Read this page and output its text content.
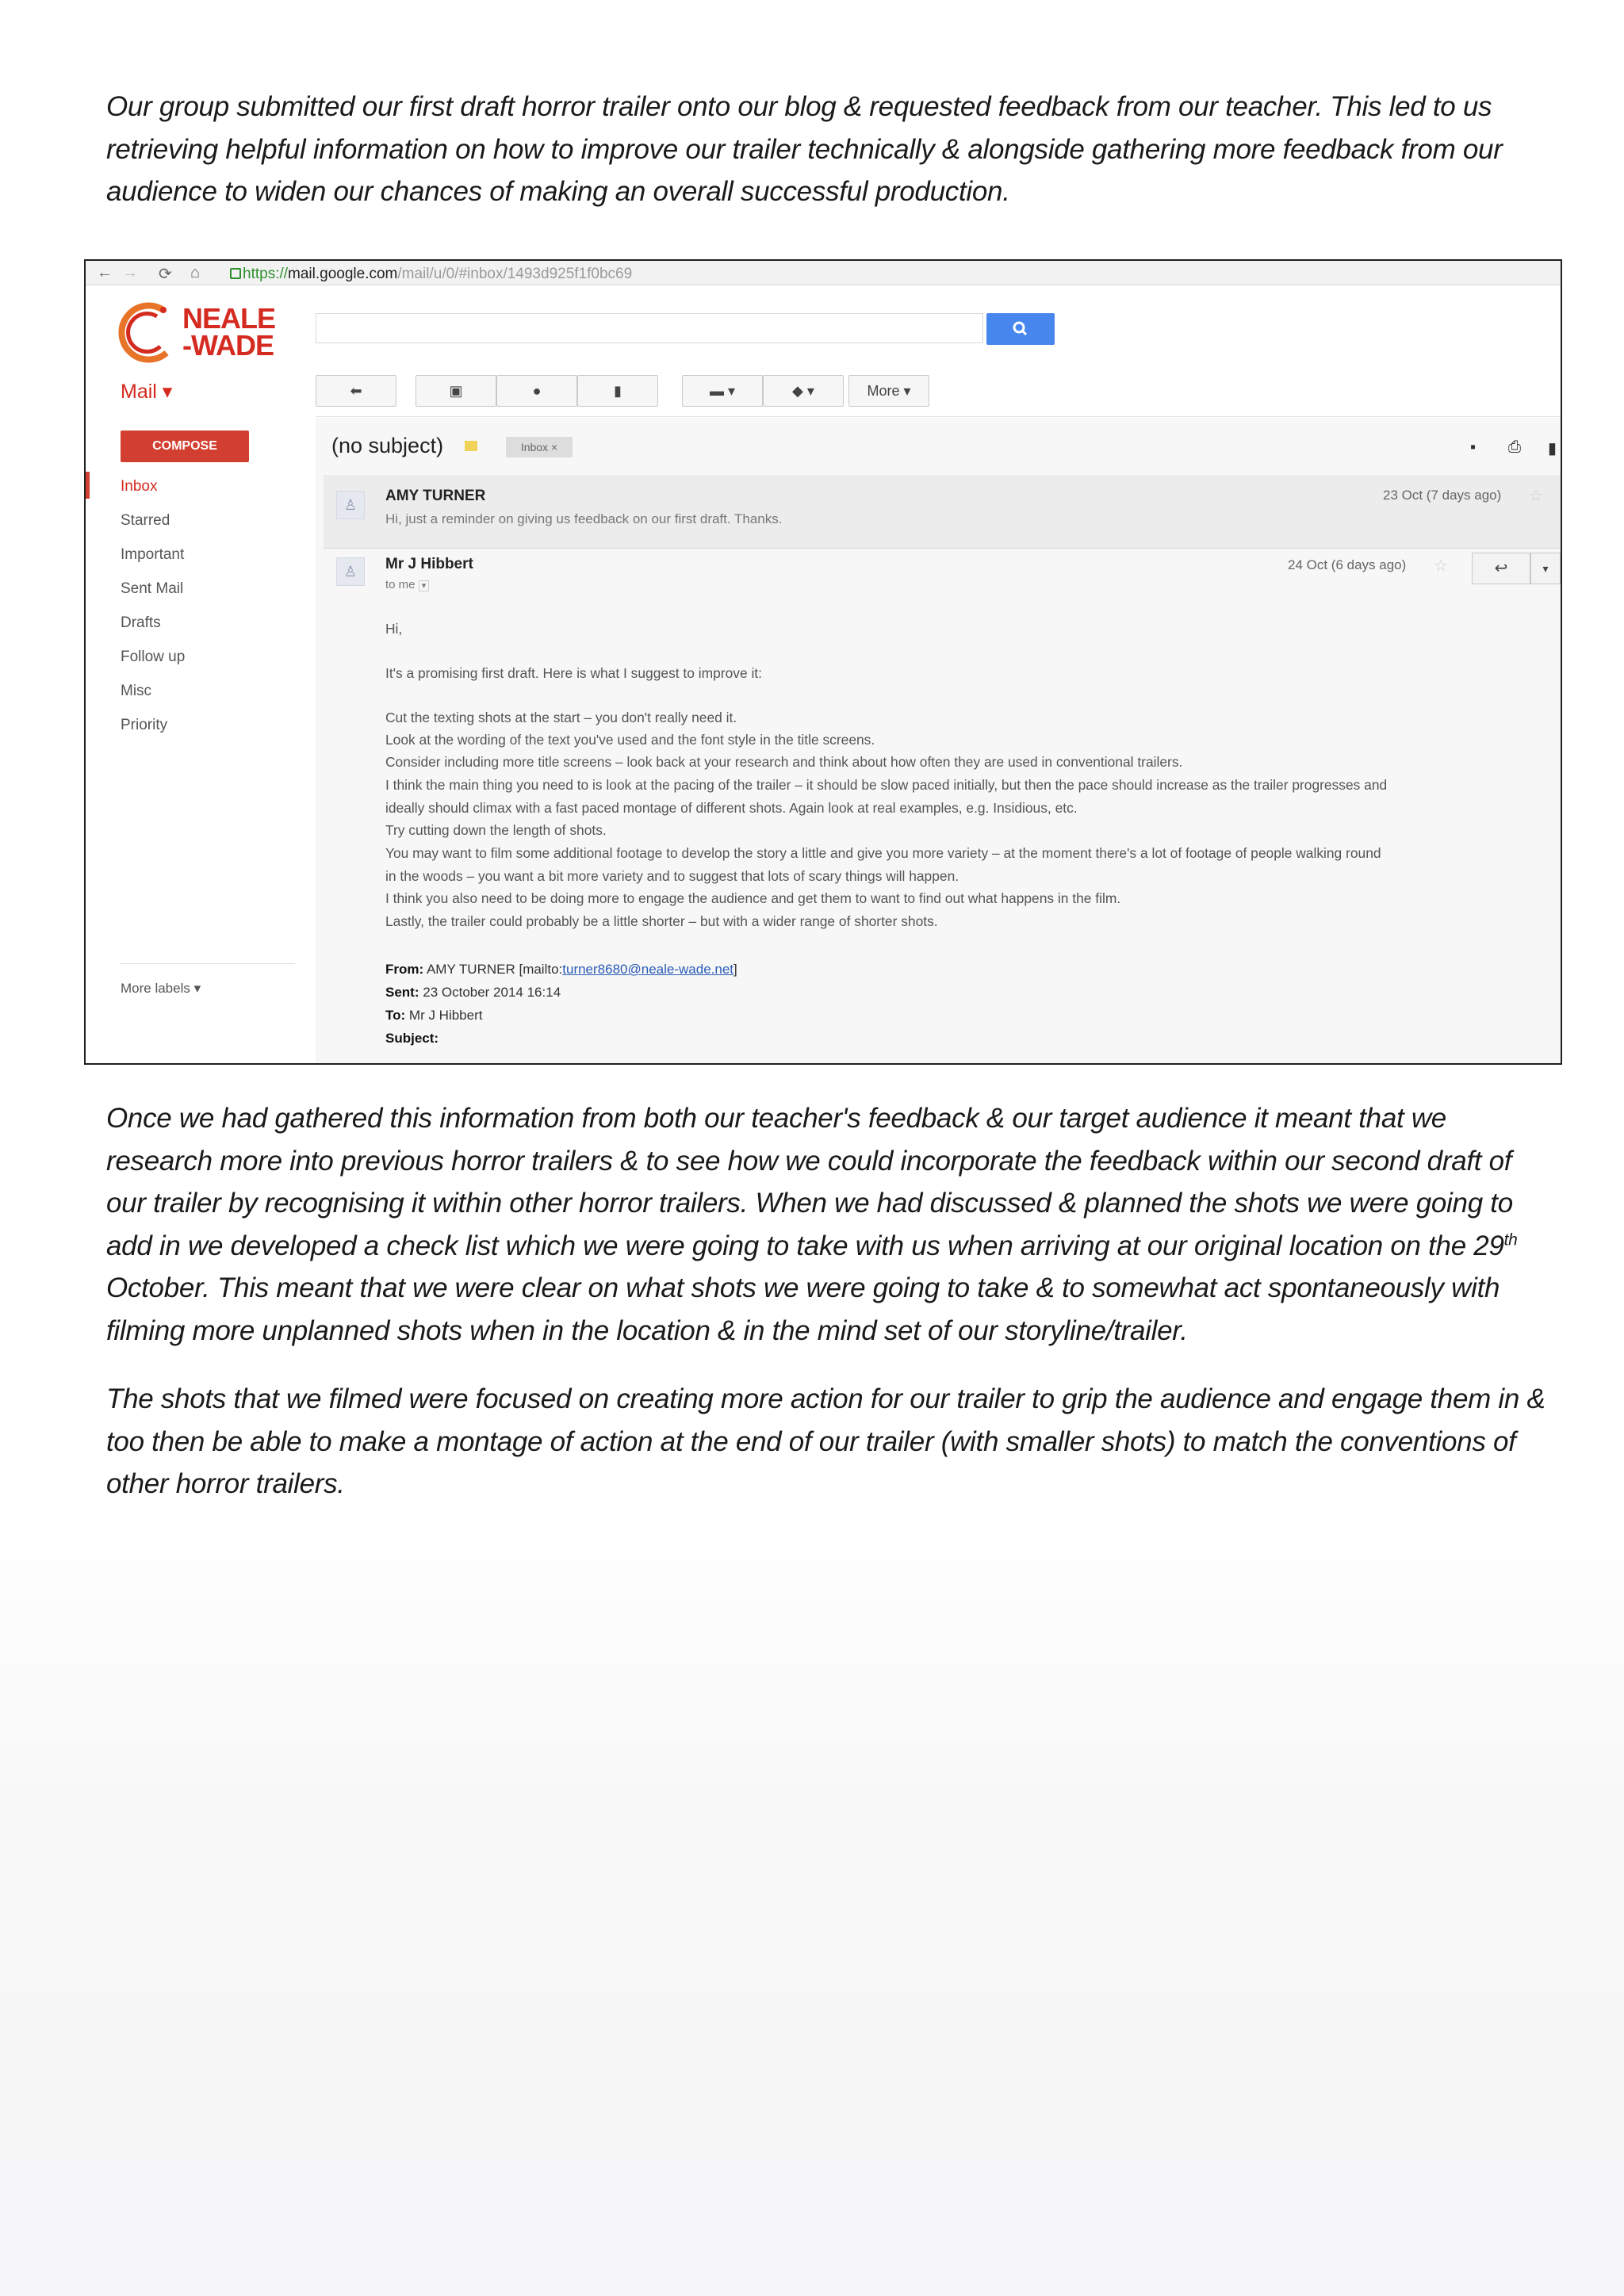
Our group submitted our first draft horror trailer onto our blog & requested feedback from our teacher. This led to us retrieving helpful information on how to improve our trailer technically & alongside gathering more feedback from our audience to widen our chances of making an overall successful production.

← → ⟳ ⌂	https://mail.google.com/mail/u/0/#inbox/1493d925f1f0bc69
NEALE
-WADE
Mail ▾	⬅	▣	●	▮	▬ ▾	◆ ▾	More ▾
COMPOSE
Inbox
Starred
Important
Sent Mail
Drafts
Follow up
Misc
Priority
More labels ▾
(no subject)	Inbox ×	▪ ⎙ ▮
♙
AMY TURNER
Hi, just a reminder on giving us feedback on our first draft. Thanks.
23 Oct (7 days ago) ☆
♙	Mr J Hibbert
to me ▾
24 Oct (6 days ago) ☆	↩	▾
Hi,
It's a promising first draft. Here is what I suggest to improve it:
Cut the texting shots at the start – you don't really need it.
Look at the wording of the text you've used and the font style in the title screens.
Consider including more title screens – look back at your research and think about how often they are used in conventional trailers.
I think the main thing you need to is look at the pacing of the trailer – it should be slow paced initially, but then the pace should increase as the trailer progresses and
ideally should climax with a fast paced montage of different shots. Again look at real examples, e.g. Insidious, etc.
Try cutting down the length of shots.
You may want to film some additional footage to develop the story a little and give you more variety – at the moment there's a lot of footage of people walking round
in the woods – you want a bit more variety and to suggest that lots of scary things will happen.
I think you also need to be doing more to engage the audience and get them to want to find out what happens in the film.
Lastly, the trailer could probably be a little shorter – but with a wider range of shorter shots.
From: AMY TURNER [mailto:turner8680@neale-wade.net]
Sent: 23 October 2014 16:14
To: Mr J Hibbert
Subject:

Once we had gathered this information from both our teacher's feedback & our target audience it meant that we research more into previous horror trailers & to see how we could incorporate the feedback within our second draft of our trailer by recognising it within other horror trailers. When we had discussed & planned the shots we were going to add in we developed a check list which we were going to take with us when arriving at our original location on the 29th October. This meant that we were clear on what shots we were going to take & to somewhat act spontaneously with filming more unplanned shots when in the location & in the mind set of our storyline/trailer.

The shots that we filmed were focused on creating more action for our trailer to grip the audience and engage them in & too then be able to make a montage of action at the end of our trailer (with smaller shots) to match the conventions of other horror trailers.
